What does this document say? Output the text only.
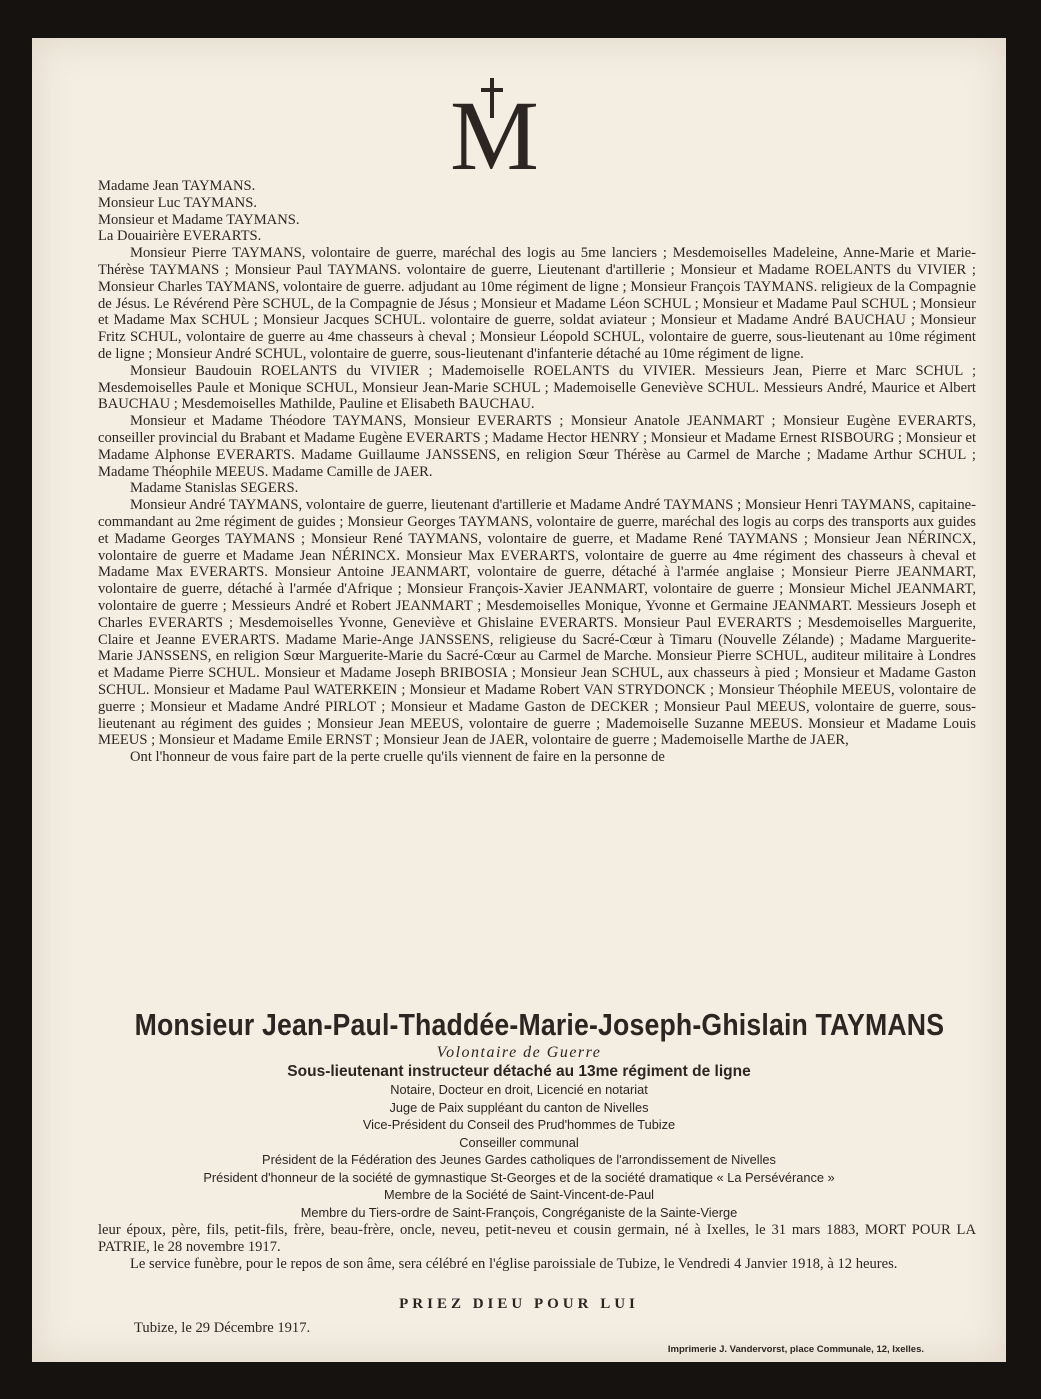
M

Madame Jean TAYMANS.

Monsieur Luc TAYMANS.

Monsieur et Madame TAYMANS.

La Douairière EVERARTS.

Monsieur Pierre TAYMANS, volontaire de guerre, maréchal des logis au 5me lanciers ; Mesdemoiselles Madeleine, Anne-Marie et Marie-Thérèse TAYMANS ; Monsieur Paul TAYMANS. volontaire de guerre, Lieutenant d'artillerie ; Monsieur et Madame ROELANTS du VIVIER ; Monsieur Charles TAYMANS, volontaire de guerre. adjudant au 10me régiment de ligne ; Monsieur François TAYMANS. religieux de la Compagnie de Jésus. Le Révérend Père SCHUL, de la Compagnie de Jésus ; Monsieur et Madame Léon SCHUL ; Monsieur et Madame Paul SCHUL ; Monsieur et Madame Max SCHUL ; Monsieur Jacques SCHUL. volontaire de guerre, soldat aviateur ; Monsieur et Madame André BAUCHAU ; Monsieur Fritz SCHUL, volontaire de guerre au 4me chasseurs à cheval ; Monsieur Léopold SCHUL, volontaire de guerre, sous-lieutenant au 10me régiment de ligne ; Monsieur André SCHUL, volontaire de guerre, sous-lieutenant d'infanterie détaché au 10me régiment de ligne.

Monsieur Baudouin ROELANTS du VIVIER ; Mademoiselle ROELANTS du VIVIER. Messieurs Jean, Pierre et Marc SCHUL ; Mesdemoiselles Paule et Monique SCHUL, Monsieur Jean-Marie SCHUL ; Mademoiselle Geneviève SCHUL. Messieurs André, Maurice et Albert BAUCHAU ; Mesdemoiselles Mathilde, Pauline et Elisabeth BAUCHAU.

Monsieur et Madame Théodore TAYMANS, Monsieur EVERARTS ; Monsieur Anatole JEANMART ; Monsieur Eugène EVERARTS, conseiller provincial du Brabant et Madame Eugène EVERARTS ; Madame Hector HENRY ; Monsieur et Madame Ernest RISBOURG ; Monsieur et Madame Alphonse EVERARTS. Madame Guillaume JANSSENS, en religion Sœur Thérèse au Carmel de Marche ; Madame Arthur SCHUL ; Madame Théophile MEEUS. Madame Camille de JAER.

Madame Stanislas SEGERS.

Monsieur André TAYMANS, volontaire de guerre, lieutenant d'artillerie et Madame André TAYMANS ; Monsieur Henri TAYMANS, capitaine-commandant au 2me régiment de guides ; Monsieur Georges TAYMANS, volontaire de guerre, maréchal des logis au corps des transports aux guides et Madame Georges TAYMANS ; Monsieur René TAYMANS, volontaire de guerre, et Madame René TAYMANS ; Monsieur Jean NÉRINCX, volontaire de guerre et Madame Jean NÉRINCX. Monsieur Max EVERARTS, volontaire de guerre au 4me régiment des chasseurs à cheval et Madame Max EVERARTS. Monsieur Antoine JEANMART, volontaire de guerre, détaché à l'armée anglaise ; Monsieur Pierre JEANMART, volontaire de guerre, détaché à l'armée d'Afrique ; Monsieur François-Xavier JEANMART, volontaire de guerre ; Monsieur Michel JEANMART, volontaire de guerre ; Messieurs André et Robert JEANMART ; Mesdemoiselles Monique, Yvonne et Germaine JEANMART. Messieurs Joseph et Charles EVERARTS ; Mesdemoiselles Yvonne, Geneviève et Ghislaine EVERARTS. Monsieur Paul EVERARTS ; Mesdemoiselles Marguerite, Claire et Jeanne EVERARTS. Madame Marie-Ange JANSSENS, religieuse du Sacré-Cœur à Timaru (Nouvelle Zélande) ; Madame Marguerite-Marie JANSSENS, en religion Sœur Marguerite-Marie du Sacré-Cœur au Carmel de Marche. Monsieur Pierre SCHUL, auditeur militaire à Londres et Madame Pierre SCHUL. Monsieur et Madame Joseph BRIBOSIA ; Monsieur Jean SCHUL, aux chasseurs à pied ; Monsieur et Madame Gaston SCHUL. Monsieur et Madame Paul WATERKEIN ; Monsieur et Madame Robert VAN STRYDONCK ; Monsieur Théophile MEEUS, volontaire de guerre ; Monsieur et Madame André PIRLOT ; Monsieur et Madame Gaston de DECKER ; Monsieur Paul MEEUS, volontaire de guerre, sous-lieutenant au régiment des guides ; Monsieur Jean MEEUS, volontaire de guerre ; Mademoiselle Suzanne MEEUS. Monsieur et Madame Louis MEEUS ; Monsieur et Madame Emile ERNST ; Monsieur Jean de JAER, volontaire de guerre ; Mademoiselle Marthe de JAER,

Ont l'honneur de vous faire part de la perte cruelle qu'ils viennent de faire en la personne de

Monsieur Jean-Paul-Thaddée-Marie-Joseph-Ghislain TAYMANS
Volontaire de Guerre
Sous-lieutenant instructeur détaché au 13me régiment de ligne
Notaire, Docteur en droit, Licencié en notariat
Juge de Paix suppléant du canton de Nivelles
Vice-Président du Conseil des Prud'hommes de Tubize
Conseiller communal
Président de la Fédération des Jeunes Gardes catholiques de l'arrondissement de Nivelles
Président d'honneur de la société de gymnastique St-Georges et de la société dramatique « La Persévérance »
Membre de la Société de Saint-Vincent-de-Paul
Membre du Tiers-ordre de Saint-François, Congréganiste de la Sainte-Vierge

leur époux, père, fils, petit-fils, frère, beau-frère, oncle, neveu, petit-neveu et cousin germain, né à Ixelles, le 31 mars 1883, MORT POUR LA PATRIE, le 28 novembre 1917.

Le service funèbre, pour le repos de son âme, sera célébré en l'église paroissiale de Tubize, le Vendredi 4 Janvier 1918, à 12 heures.

PRIEZ DIEU POUR LUI
Tubize, le 29 Décembre 1917.
Imprimerie J. Vandervorst, place Communale, 12, Ixelles.
